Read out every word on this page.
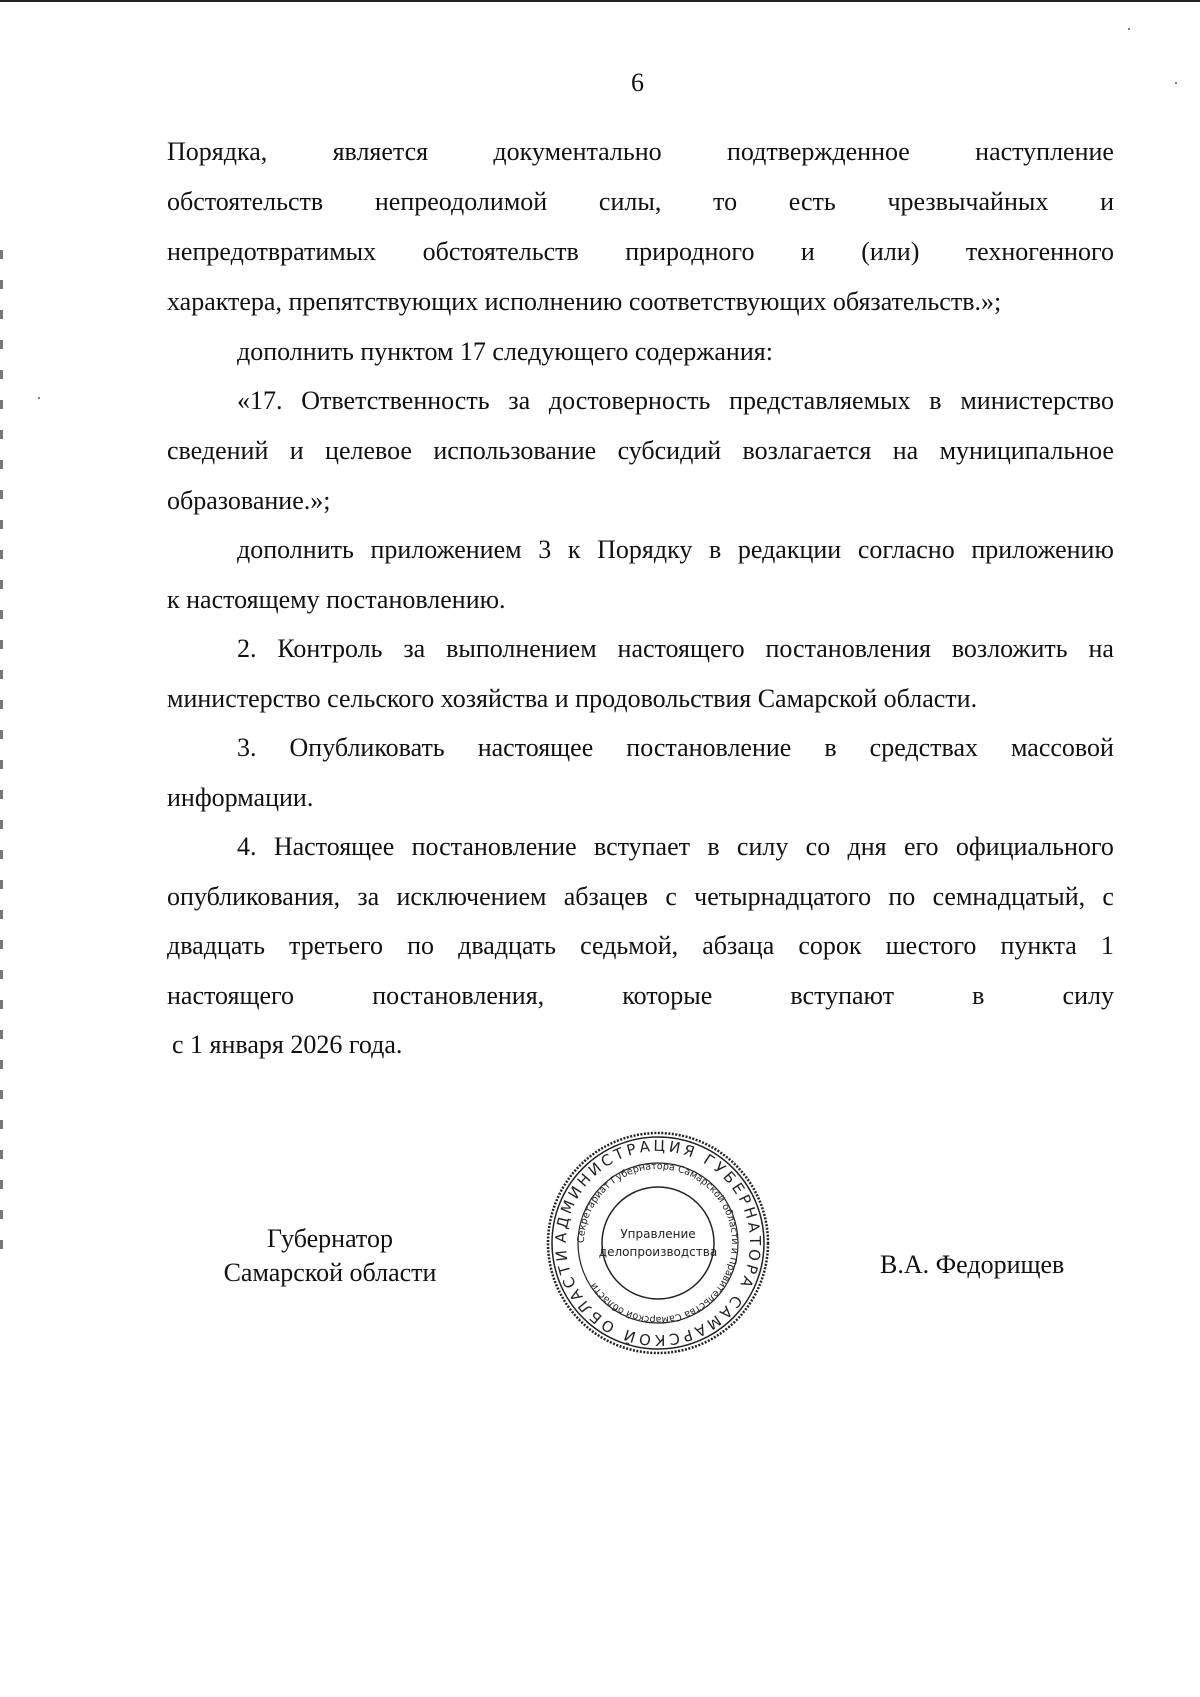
6
Порядка,	является	документально	подтвержденное	наступление
обстоятельств непреодолимой силы, то есть чрезвычайных и
непредотвратимых обстоятельств природного и (или) техногенного
характера, препятствующих исполнению соответствующих обязательств.»;
дополнить пунктом 17 следующего содержания:
«17. Ответственность за достоверность представляемых в министерство
сведений и целевое использование субсидий возлагается на муниципальное
образование.»;
дополнить приложением 3 к Порядку в редакции согласно приложению
к настоящему постановлению.
2. Контроль за выполнением настоящего постановления возложить на
министерство сельского хозяйства и продовольствия Самарской области.
3. Опубликовать настоящее постановление в средствах массовой
информации.
4. Настоящее постановление вступает в силу со дня его официального
опубликования, за исключением абзацев с четырнадцатого по семнадцатый, с
двадцать третьего по двадцать седьмой, абзаца сорок шестого пункта 1
настоящего	постановления,	которые	вступают	в	силу
с 1 января 2026 года.
Губернатор
Самарской области
АДМИНИСТРАЦИЯ ГУБЕРНАТОРА САМАРСКОЙ ОБЛАСТИ
Секретариат Губернатора Самарской области и Правительства Самарской области
Управление
делопроизводства	В.А. Федорищев
